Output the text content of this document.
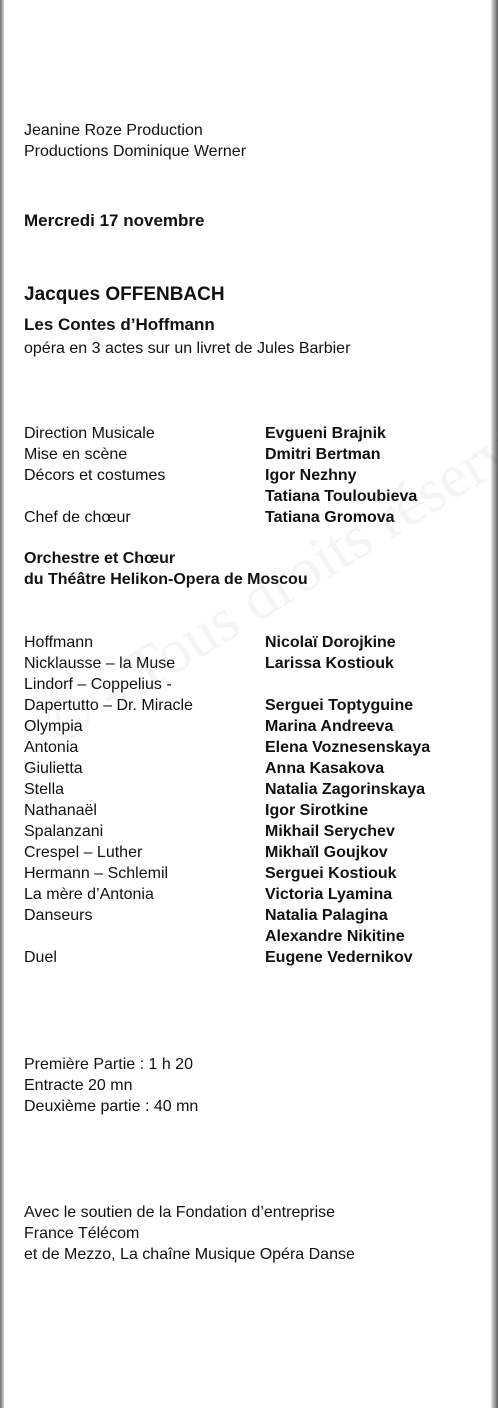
Jeanine Roze Production
Productions Dominique Werner
Mercredi 17 novembre
Jacques OFFENBACH
Les Contes d’Hoffmann
opéra en 3 actes sur un livret de Jules Barbier
Direction Musicale
Mise en scène
Décors et costumes
Chef de chœur
Evgueni Brajnik
Dmitri Bertman
Igor Nezhny
Tatiana Touloubieva
Tatiana Gromova
Orchestre et Chœur
du Théâtre Helikon-Opera de Moscou
Hoffmann
Nicklausse – la Muse
Lindorf – Coppelius -
Dapertutto – Dr. Miracle
Olympia
Antonia
Giulietta
Stella
Nathanaël
Spalanzani
Crespel – Luther
Hermann – Schlemil
La mère d’Antonia
Danseurs
Duel
Nicolaï Dorojkine
Larissa Kostiouk
Serguei Toptyguine
Marina Andreeva
Elena Voznesenskaya
Anna Kasakova
Natalia Zagorinskaya
Igor Sirotkine
Mikhail Serychev
Mikhaïl Goujkov
Serguei Kostiouk
Victoria Lyamina
Natalia Palagina
Alexandre Nikitine
Eugene Vedernikov
Première Partie : 1 h 20
Entracte 20 mn
Deuxième partie : 40 mn
Avec le soutien de la Fondation d’entreprise
France Télécom
et de Mezzo, La chaîne Musique Opéra Danse
